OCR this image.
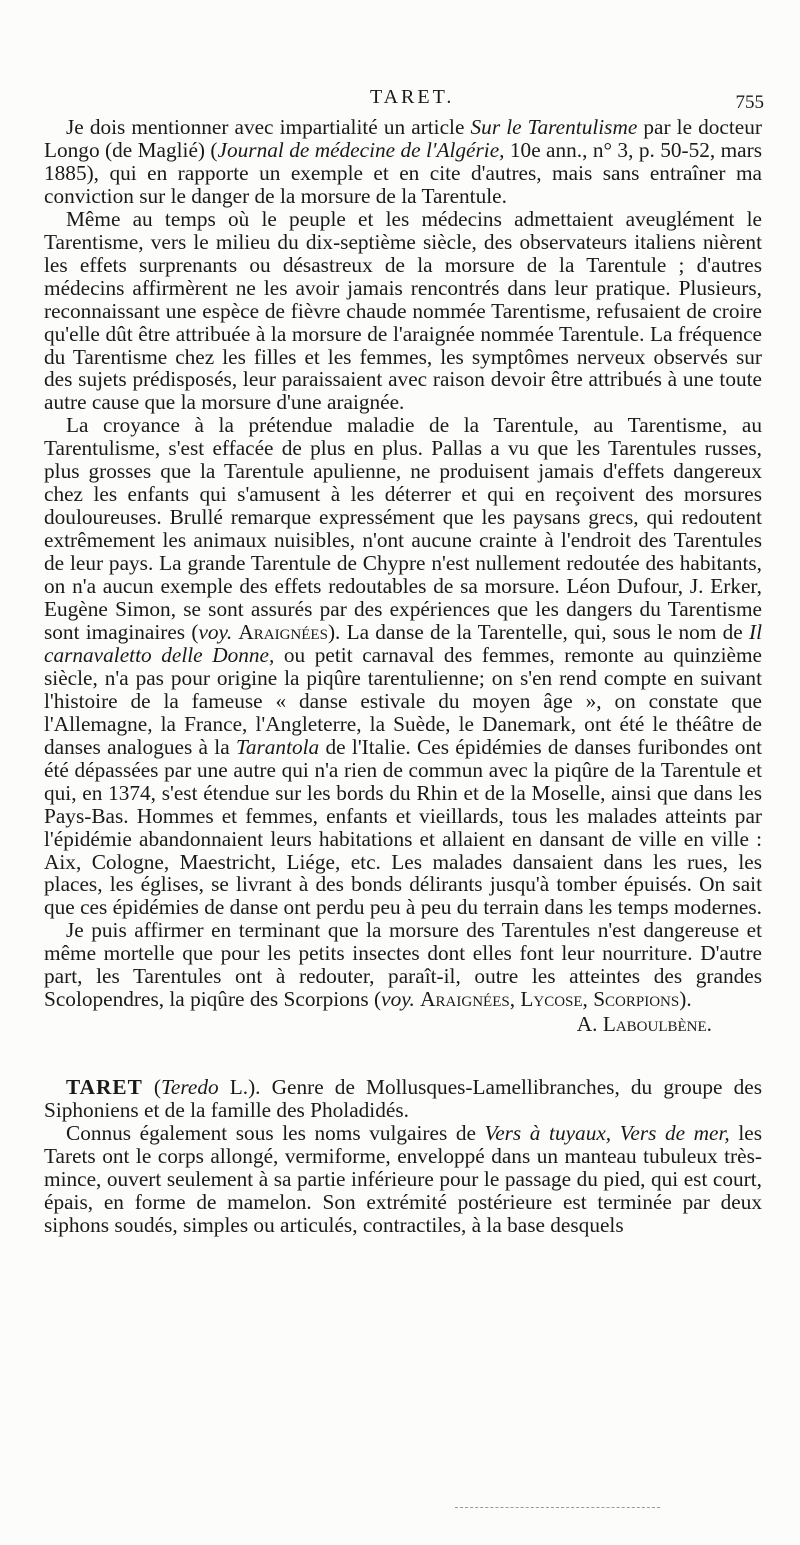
TARET.	755

Je dois mentionner avec impartialité un article Sur le Tarentulisme par le docteur Longo (de Maglié) (Journal de médecine de l'Algérie, 10e ann., n° 3, p. 50-52, mars 1885), qui en rapporte un exemple et en cite d'autres, mais sans entraîner ma conviction sur le danger de la morsure de la Tarentule.

Même au temps où le peuple et les médecins admettaient aveuglément le Tarentisme, vers le milieu du dix-septième siècle, des observateurs italiens nièrent les effets surprenants ou désastreux de la morsure de la Tarentule ; d'autres médecins affirmèrent ne les avoir jamais rencontrés dans leur pratique. Plusieurs, reconnaissant une espèce de fièvre chaude nommée Tarentisme, refusaient de croire qu'elle dût être attribuée à la morsure de l'araignée nommée Tarentule. La fréquence du Tarentisme chez les filles et les femmes, les symptômes nerveux observés sur des sujets prédisposés, leur paraissaient avec raison devoir être attribués à une toute autre cause que la morsure d'une araignée.

La croyance à la prétendue maladie de la Tarentule, au Tarentisme, au Tarentulisme, s'est effacée de plus en plus. Pallas a vu que les Tarentules russes, plus grosses que la Tarentule apulienne, ne produisent jamais d'effets dangereux chez les enfants qui s'amusent à les déterrer et qui en reçoivent des morsures douloureuses. Brullé remarque expressément que les paysans grecs, qui redoutent extrêmement les animaux nuisibles, n'ont aucune crainte à l'endroit des Tarentules de leur pays. La grande Tarentule de Chypre n'est nullement redoutée des habitants, on n'a aucun exemple des effets redoutables de sa morsure. Léon Dufour, J. Erker, Eugène Simon, se sont assurés par des expériences que les dangers du Tarentisme sont imaginaires (voy. Araignées). La danse de la Tarentelle, qui, sous le nom de Il carnavaletto delle Donne, ou petit carnaval des femmes, remonte au quinzième siècle, n'a pas pour origine la piqûre tarentulienne; on s'en rend compte en suivant l'histoire de la fameuse « danse estivale du moyen âge », on constate que l'Allemagne, la France, l'Angleterre, la Suède, le Danemark, ont été le théâtre de danses analogues à la Tarantola de l'Italie. Ces épidémies de danses furibondes ont été dépassées par une autre qui n'a rien de commun avec la piqûre de la Tarentule et qui, en 1374, s'est étendue sur les bords du Rhin et de la Moselle, ainsi que dans les Pays-Bas. Hommes et femmes, enfants et vieillards, tous les malades atteints par l'épidémie abandonnaient leurs habitations et allaient en dansant de ville en ville : Aix, Cologne, Maestricht, Liége, etc. Les malades dansaient dans les rues, les places, les églises, se livrant à des bonds délirants jusqu'à tomber épuisés. On sait que ces épidémies de danse ont perdu peu à peu du terrain dans les temps modernes.

Je puis affirmer en terminant que la morsure des Tarentules n'est dangereuse et même mortelle que pour les petits insectes dont elles font leur nourriture. D'autre part, les Tarentules ont à redouter, paraît-il, outre les atteintes des grandes Scolopendres, la piqûre des Scorpions (voy. Araignées, Lycose, Scorpions).

A. Laboulbène.

TARET (Teredo L.). Genre de Mollusques-Lamellibranches, du groupe des Siphoniens et de la famille des Pholadidés.

Connus également sous les noms vulgaires de Vers à tuyaux, Vers de mer, les Tarets ont le corps allongé, vermiforme, enveloppé dans un manteau tubuleux très-mince, ouvert seulement à sa partie inférieure pour le passage du pied, qui est court, épais, en forme de mamelon. Son extrémité postérieure est terminée par deux siphons soudés, simples ou articulés, contractiles, à la base desquels
